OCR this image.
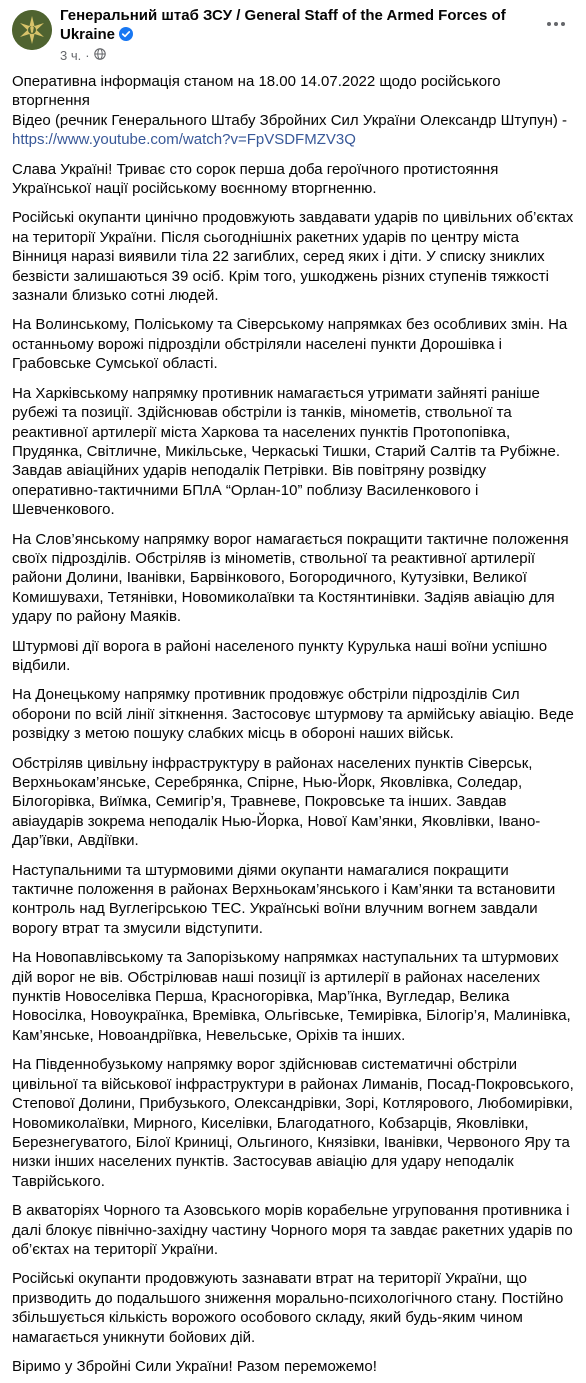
Генеральний штаб ЗСУ / General Staff of the Armed Forces of Ukraine
3 ч. ·

Оперативна інформація станом на 18.00 14.07.2022 щодо російського вторгнення
Відео (речник Генерального Штабу Збройних Сил України Олександр Штупун) -
https://www.youtube.com/watch?v=FpVSDFMZV3Q

Слава Україні! Триває сто сорок перша доба героїчного протистояння Української нації російському воєнному вторгненню.

Російські окупанти цинічно продовжують завдавати ударів по цивільних об’єктах на території України. Після сьогоднішніх ракетних ударів по центру міста Вінниця наразі виявили тіла 22 загиблих, серед яких і діти. У списку зниклих безвісти залишаються 39 осіб. Крім того, ушкоджень різних ступенів тяжкості зазнали близько сотні людей.

На Волинському, Поліському та Сіверському напрямках без особливих змін. На останньому ворожі підрозділи обстріляли населені пункти Дорошівка і Грабовське Сумської області.

На Харківському напрямку противник намагається утримати зайняті раніше рубежі та позиції. Здійснював обстріли із танків, мінометів, ствольної та реактивної артилерії міста Харкова та населених пунктів Протопопівка, Прудянка, Світличне, Микільське, Черкаські Тишки, Старий Салтів та Рубіжне. Завдав авіаційних ударів неподалік Петрівки. Вів повітряну розвідку оперативно-тактичними БПлА “Орлан-10” поблизу Василенкового і Шевченкового.

На Слов’янському напрямку ворог намагається покращити тактичне положення своїх підрозділів. Обстріляв із мінометів, ствольної та реактивної артилерії райони Долини, Іванівки, Барвінкового, Богородичного, Кутузівки, Великої Комишувахи, Тетянівки, Новомиколаївки та Костянтинівки. Задіяв авіацію для удару по району Маяків.

Штурмові дії ворога в районі населеного пункту Курулька наші воїни успішно відбили.

На Донецькому напрямку противник продовжує обстріли підрозділів Сил оборони по всій лінії зіткнення. Застосовує штурмову та армійську авіацію. Веде розвідку з метою пошуку слабких місць в обороні наших військ.

Обстріляв цивільну інфраструктуру в районах населених пунктів Сіверськ, Верхньокам’янське, Серебрянка, Спірне, Нью-Йорк, Яковлівка, Соледар, Білогорівка, Виїмка, Семигір’я, Травневе, Покровське та інших. Завдав авіаударів зокрема неподалік Нью-Йорка, Нової Кам’янки, Яковлівки, Івано-Дар’ївки, Авдіївки.

Наступальними та штурмовими діями окупанти намагалися покращити тактичне положення в районах Верхньокам’янського і Кам’янки та встановити контроль над Вуглегірською ТЕС. Українські воїни влучним вогнем завдали ворогу втрат та змусили відступити.

На Новопавлівському та Запорізькому напрямках наступальних та штурмових дій ворог не вів. Обстрілював наші позиції із артилерії в районах населених пунктів Новоселівка Перша, Красногорівка, Мар’їнка, Вугледар, Велика Новосілка, Новоукраїнка, Времівка, Ольгівське, Темирівка, Білогір’я, Малинівка, Кам’янське, Новоандріївка, Невельське, Оріхів та інших.

На Південнобузькому напрямку ворог здійснював систематичні обстріли цивільної та військової інфраструктури в районах Лиманів, Посад-Покровського, Степової Долини, Прибузького, Олександрівки, Зорі, Котлярового, Любомирівки, Новомиколаївки, Мирного, Киселівки, Благодатного, Кобзарців, Яковлівки, Березнегуватого, Білої Криниці, Ольгиного, Князівки, Іванівки, Червоного Яру та низки інших населених пунктів. Застосував авіацію для удару неподалік Таврійського.

В акваторіях Чорного та Азовського морів корабельне угруповання противника і далі блокує північно-західну частину Чорного моря та завдає ракетних ударів по об’єктах на території України.

Російські окупанти продовжують зазнавати втрат на території України, що призводить до подальшого зниження морально-психологічного стану. Постійно збільшується кількість ворожого особового складу, який будь-яким чином намагається уникнути бойових дій.

Віримо у Збройні Сили України! Разом переможемо!
